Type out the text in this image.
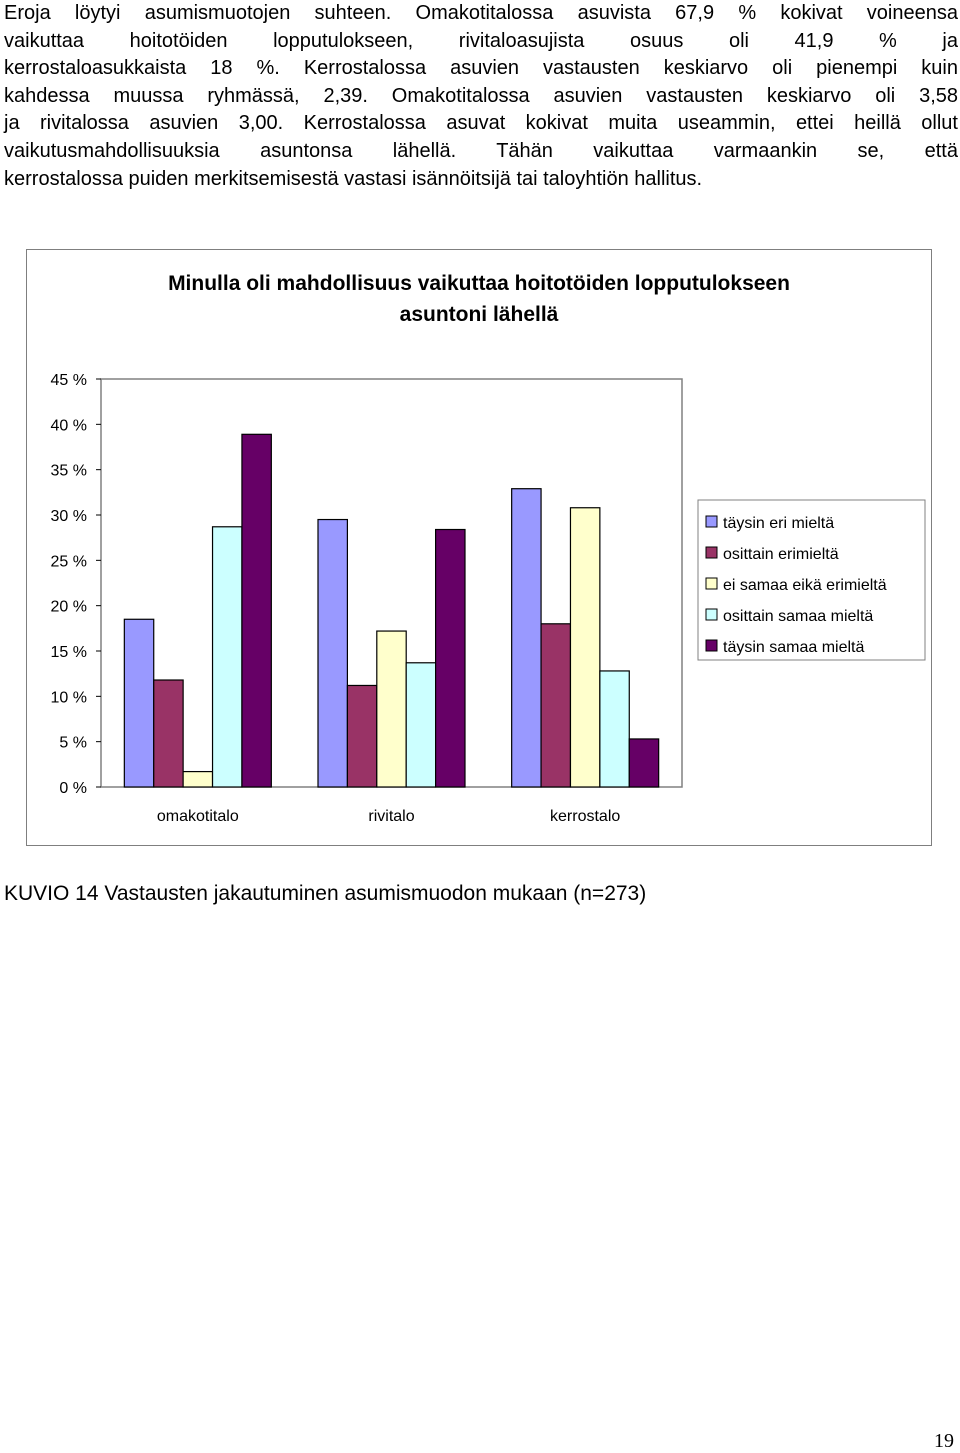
Eroja löytyi asumismuotojen suhteen. Omakotitalossa asuvista 67,9 % kokivat voineensa
vaikuttaa hoitotöiden lopputulokseen, rivitaloasujista osuus oli 41,9 % ja
kerrostaloasukkaista 18 %. Kerrostalossa asuvien vastausten keskiarvo oli pienempi kuin
kahdessa muussa ryhmässä, 2,39. Omakotitalossa asuvien vastausten keskiarvo oli 3,58
ja rivitalossa asuvien 3,00. Kerrostalossa asuvat kokivat muita useammin, ettei heillä ollut
vaikutusmahdollisuuksia asuntonsa lähellä. Tähän vaikuttaa varmaankin se, että
kerrostalossa puiden merkitsemisestä vastasi isännöitsijä tai taloyhtiön hallitus.
Minulla oli mahdollisuus vaikuttaa hoitotöiden lopputulokseen
asuntoni lähellä
0 %
5 %
10 %
15 %
20 %
25 %
30 %
35 %
40 %
45 %
omakotitalo	rivitalo	kerrostalo
täysin eri mieltä
osittain erimieltä
ei samaa eikä erimieltä
osittain samaa mieltä
täysin samaa mieltä

KUVIO 14 Vastausten jakautuminen asumismuodon mukaan (n=273)

19
